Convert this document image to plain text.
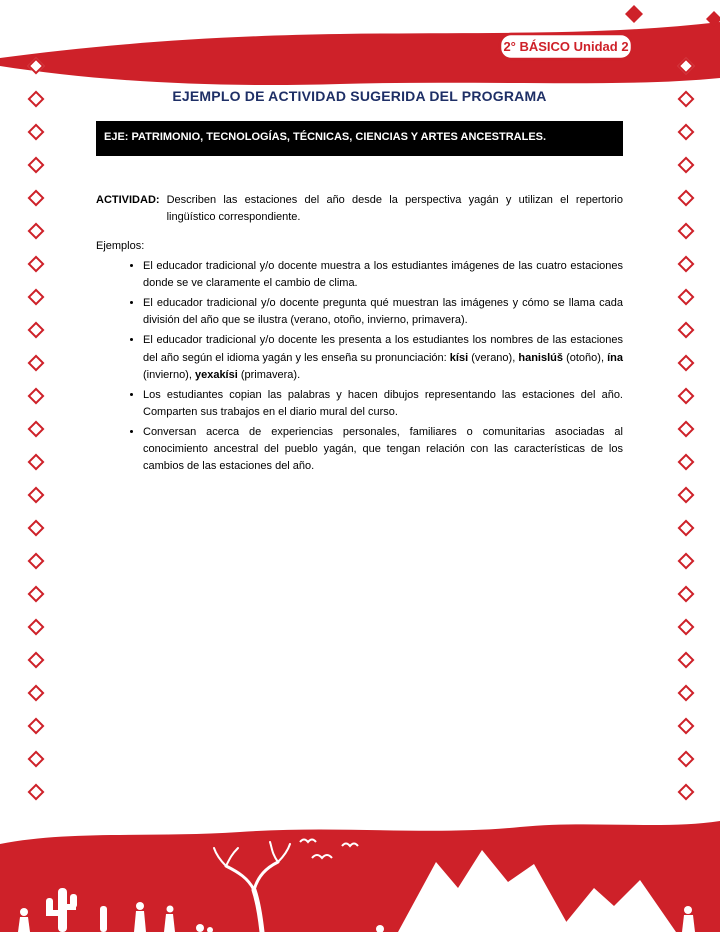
2° BÁSICO Unidad 2
EJEMPLO DE ACTIVIDAD SUGERIDA DEL PROGRAMA
EJE: PATRIMONIO, TECNOLOGÍAS, TÉCNICAS, CIENCIAS Y ARTES ANCESTRALES.
ACTIVIDAD: Describen las estaciones del año desde la perspectiva yagán y utilizan el repertorio lingüístico correspondiente.

Ejemplos:

• El educador tradicional y/o docente muestra a los estudiantes imágenes de las cuatro estaciones donde se ve claramente el cambio de clima.
• El educador tradicional y/o docente pregunta qué muestran las imágenes y cómo se llama cada división del año que se ilustra (verano, otoño, invierno, primavera).
• El educador tradicional y/o docente les presenta a los estudiantes los nombres de las estaciones del año según el idioma yagán y les enseña su pronunciación: kísi (verano), hanislúš (otoño), ína (invierno), yexakísi (primavera).
• Los estudiantes copian las palabras y hacen dibujos representando las estaciones del año. Comparten sus trabajos en el diario mural del curso.
• Conversan acerca de experiencias personales, familiares o comunitarias asociadas al conocimiento ancestral del pueblo yagán, que tengan relación con las características de los cambios de las estaciones del año.
